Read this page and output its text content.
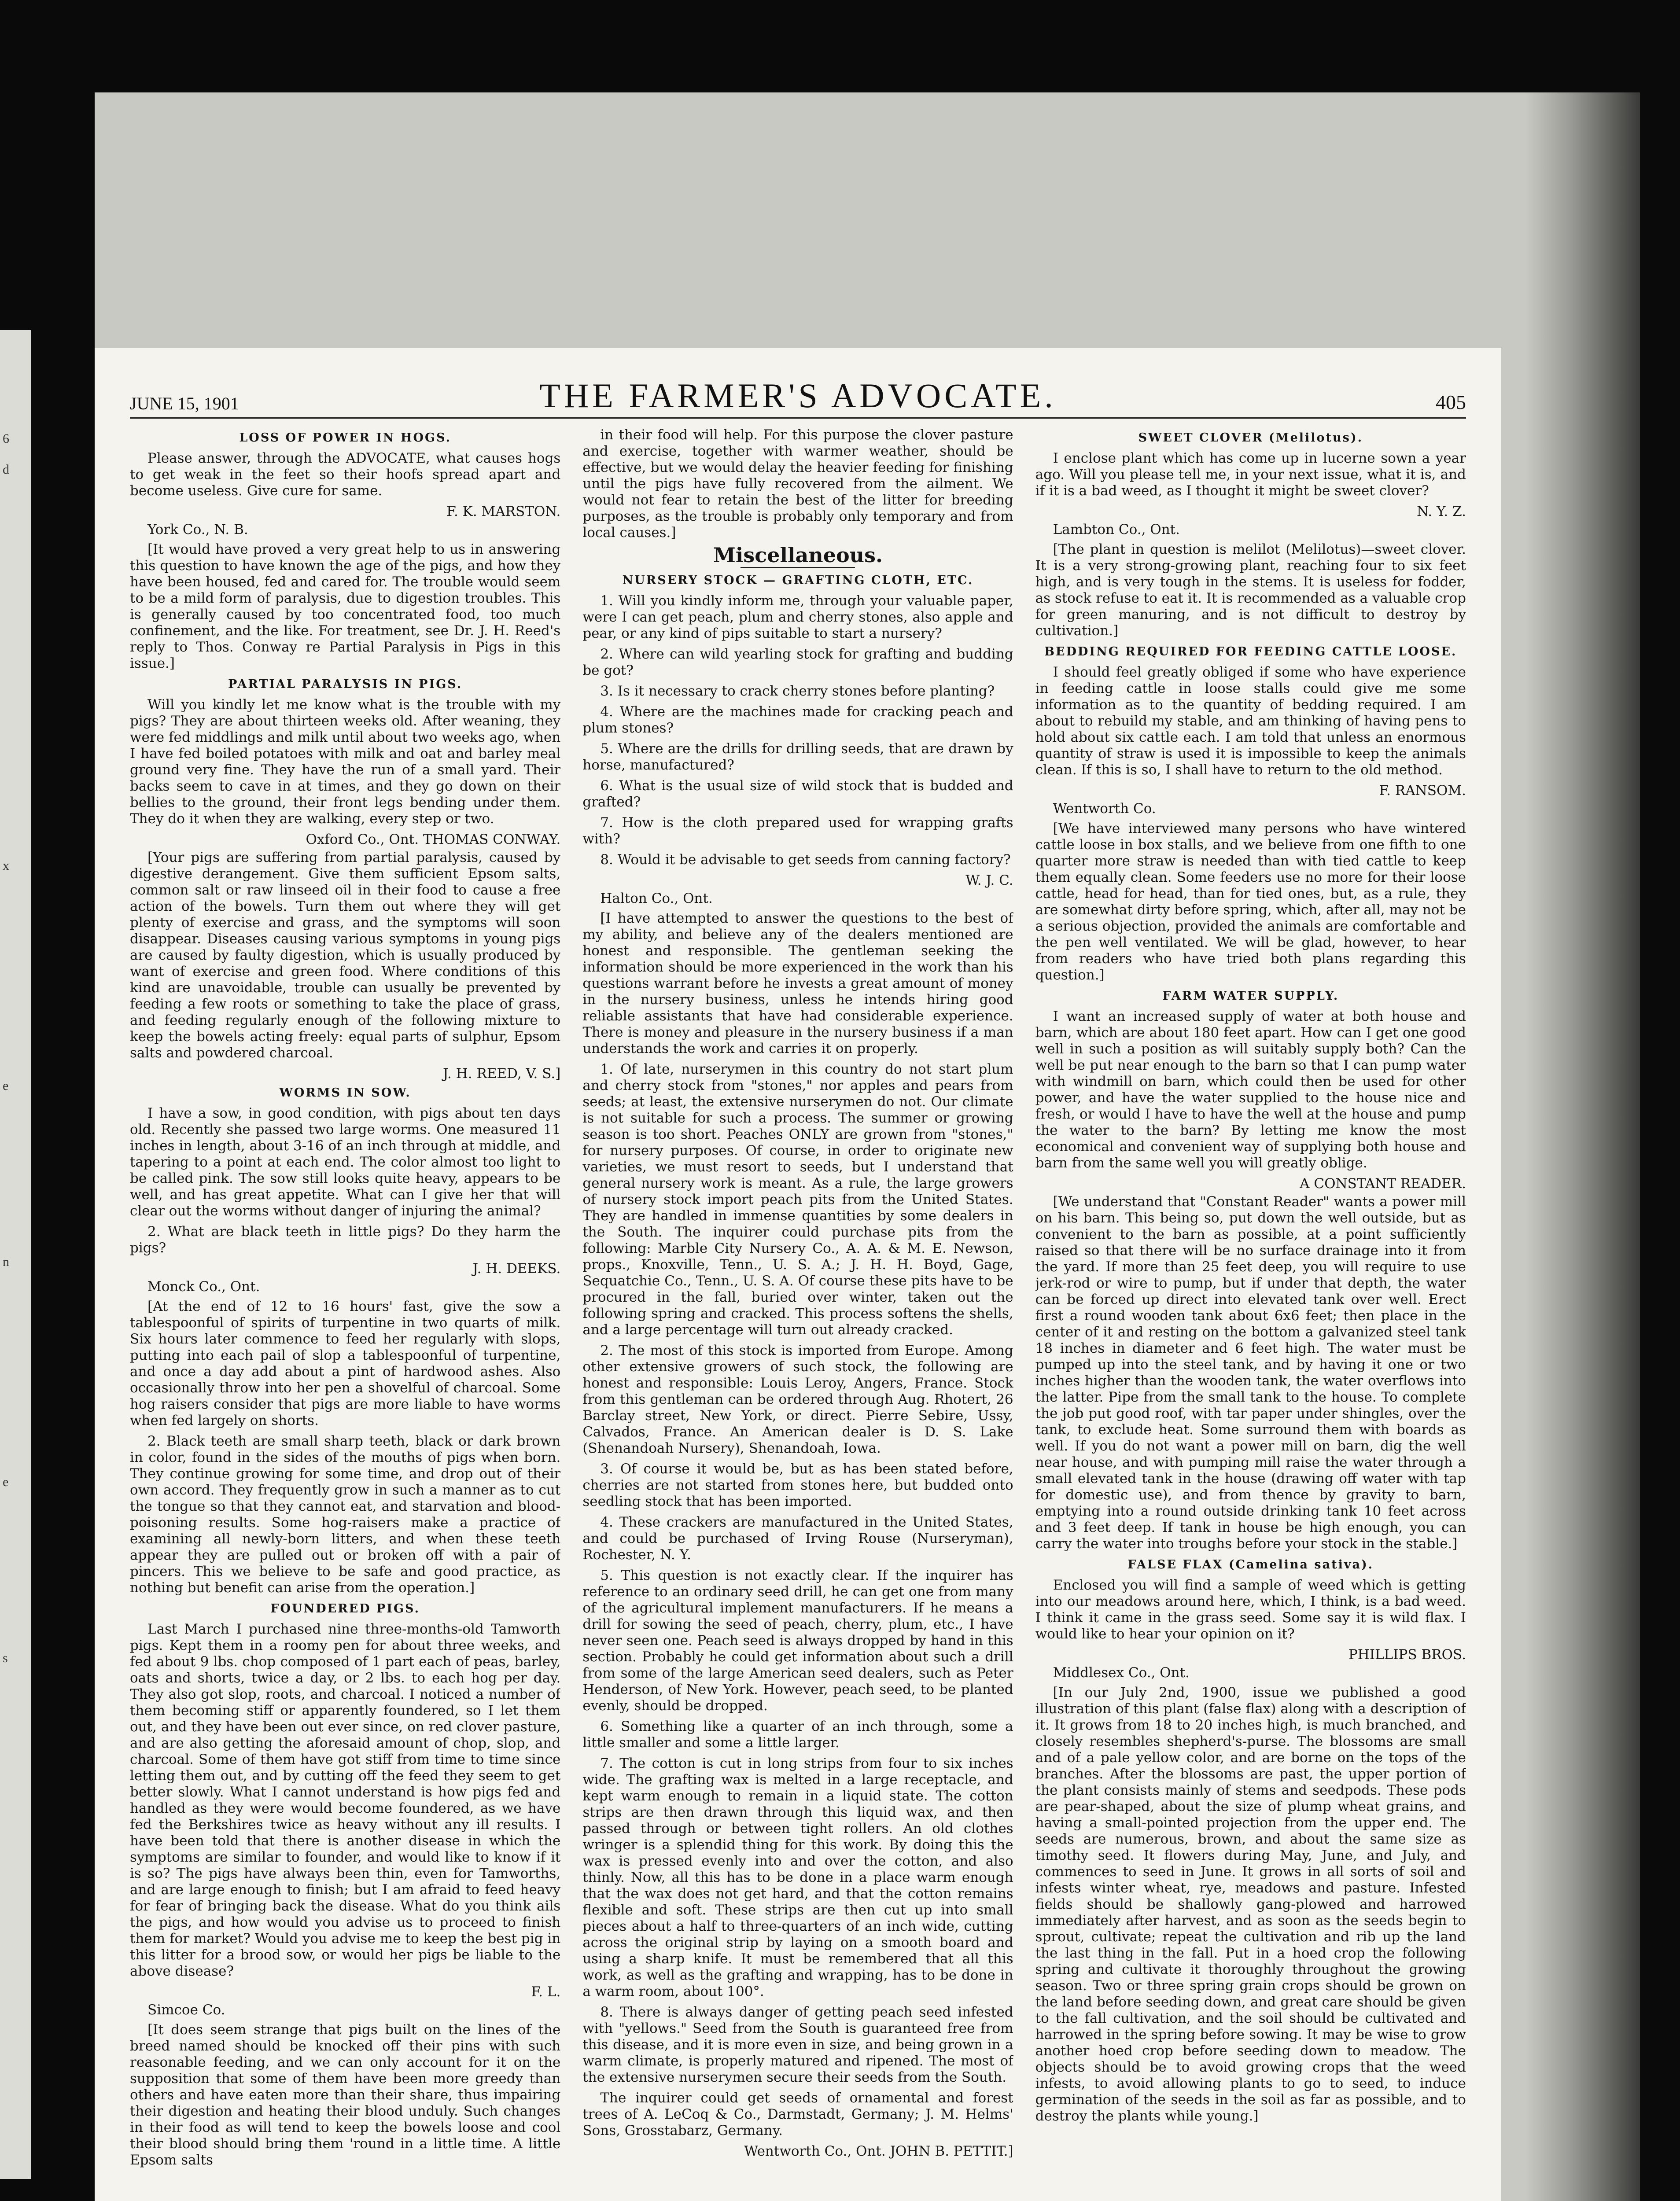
6
d
x
e
n
e
s
JUNE 15, 1901	THE FARMER'S ADVOCATE.	405
LOSS OF POWER IN HOGS.

Please answer, through the ADVOCATE, what causes hogs to get weak in the feet so their hoofs spread apart and become useless. Give cure for same.

F. K. MARSTON.

York Co., N. B.

[It would have proved a very great help to us in answering this question to have known the age of the pigs, and how they have been housed, fed and cared for. The trouble would seem to be a mild form of paralysis, due to digestion troubles. This is generally caused by too concentrated food, too much confinement, and the like. For treatment, see Dr. J. H. Reed's reply to Thos. Conway re Partial Paralysis in Pigs in this issue.]

PARTIAL PARALYSIS IN PIGS.

Will you kindly let me know what is the trouble with my pigs? They are about thirteen weeks old. After weaning, they were fed middlings and milk until about two weeks ago, when I have fed boiled potatoes with milk and oat and barley meal ground very fine. They have the run of a small yard. Their backs seem to cave in at times, and they go down on their bellies to the ground, their front legs bending under them. They do it when they are walking, every step or two.

Oxford Co., Ont. THOMAS CONWAY.

[Your pigs are suffering from partial paralysis, caused by digestive derangement. Give them sufficient Epsom salts, common salt or raw linseed oil in their food to cause a free action of the bowels. Turn them out where they will get plenty of exercise and grass, and the symptoms will soon disappear. Diseases causing various symptoms in young pigs are caused by faulty digestion, which is usually produced by want of exercise and green food. Where conditions of this kind are unavoidable, trouble can usually be prevented by feeding a few roots or something to take the place of grass, and feeding regularly enough of the following mixture to keep the bowels acting freely: equal parts of sulphur, Epsom salts and powdered charcoal.

J. H. REED, V. S.]

WORMS IN SOW.

I have a sow, in good condition, with pigs about ten days old. Recently she passed two large worms. One measured 11 inches in length, about 3-16 of an inch through at middle, and tapering to a point at each end. The color almost too light to be called pink. The sow still looks quite heavy, appears to be well, and has great appetite. What can I give her that will clear out the worms without danger of injuring the animal?

2. What are black teeth in little pigs? Do they harm the pigs?

J. H. DEEKS.

Monck Co., Ont.

[At the end of 12 to 16 hours' fast, give the sow a tablespoonful of spirits of turpentine in two quarts of milk. Six hours later commence to feed her regularly with slops, putting into each pail of slop a tablespoonful of turpentine, and once a day add about a pint of hardwood ashes. Also occasionally throw into her pen a shovelful of charcoal. Some hog raisers consider that pigs are more liable to have worms when fed largely on shorts.

2. Black teeth are small sharp teeth, black or dark brown in color, found in the sides of the mouths of pigs when born. They continue growing for some time, and drop out of their own accord. They frequently grow in such a manner as to cut the tongue so that they cannot eat, and starvation and blood-poisoning results. Some hog-raisers make a practice of examining all newly-born litters, and when these teeth appear they are pulled out or broken off with a pair of pincers. This we believe to be safe and good practice, as nothing but benefit can arise from the operation.]

FOUNDERED PIGS.

Last March I purchased nine three-months-old Tamworth pigs. Kept them in a roomy pen for about three weeks, and fed about 9 lbs. chop composed of 1 part each of peas, barley, oats and shorts, twice a day, or 2 lbs. to each hog per day. They also got slop, roots, and charcoal. I noticed a number of them becoming stiff or apparently foundered, so I let them out, and they have been out ever since, on red clover pasture, and are also getting the aforesaid amount of chop, slop, and charcoal. Some of them have got stiff from time to time since letting them out, and by cutting off the feed they seem to get better slowly. What I cannot understand is how pigs fed and handled as they were would become foundered, as we have fed the Berkshires twice as heavy without any ill results. I have been told that there is another disease in which the symptoms are similar to founder, and would like to know if it is so? The pigs have always been thin, even for Tamworths, and are large enough to finish; but I am afraid to feed heavy for fear of bringing back the disease. What do you think ails the pigs, and how would you advise us to proceed to finish them for market? Would you advise me to keep the best pig in this litter for a brood sow, or would her pigs be liable to the above disease?

F. L.

Simcoe Co.

[It does seem strange that pigs built on the lines of the breed named should be knocked off their pins with such reasonable feeding, and we can only account for it on the supposition that some of them have been more greedy than others and have eaten more than their share, thus impairing their digestion and heating their blood unduly. Such changes in their food as will tend to keep the bowels loose and cool their blood should bring them 'round in a little time. A little Epsom salts

in their food will help. For this purpose the clover pasture and exercise, together with warmer weather, should be effective, but we would delay the heavier feeding for finishing until the pigs have fully recovered from the ailment. We would not fear to retain the best of the litter for breeding purposes, as the trouble is probably only temporary and from local causes.]

Miscellaneous.
NURSERY STOCK — GRAFTING CLOTH, ETC.

1. Will you kindly inform me, through your valuable paper, were I can get peach, plum and cherry stones, also apple and pear, or any kind of pips suitable to start a nursery?

2. Where can wild yearling stock for grafting and budding be got?

3. Is it necessary to crack cherry stones before planting?

4. Where are the machines made for cracking peach and plum stones?

5. Where are the drills for drilling seeds, that are drawn by horse, manufactured?

6. What is the usual size of wild stock that is budded and grafted?

7. How is the cloth prepared used for wrapping grafts with?

8. Would it be advisable to get seeds from canning factory?

W. J. C.

Halton Co., Ont.

[I have attempted to answer the questions to the best of my ability, and believe any of the dealers mentioned are honest and responsible. The gentleman seeking the information should be more experienced in the work than his questions warrant before he invests a great amount of money in the nursery business, unless he intends hiring good reliable assistants that have had considerable experience. There is money and pleasure in the nursery business if a man understands the work and carries it on properly.

1. Of late, nurserymen in this country do not start plum and cherry stock from "stones," nor apples and pears from seeds; at least, the extensive nurserymen do not. Our climate is not suitable for such a process. The summer or growing season is too short. Peaches ONLY are grown from "stones," for nursery purposes. Of course, in order to originate new varieties, we must resort to seeds, but I understand that general nursery work is meant. As a rule, the large growers of nursery stock import peach pits from the United States. They are handled in immense quantities by some dealers in the South. The inquirer could purchase pits from the following: Marble City Nursery Co., A. A. & M. E. Newson, props., Knoxville, Tenn., U. S. A.; J. H. H. Boyd, Gage, Sequatchie Co., Tenn., U. S. A. Of course these pits have to be procured in the fall, buried over winter, taken out the following spring and cracked. This process softens the shells, and a large percentage will turn out already cracked.

2. The most of this stock is imported from Europe. Among other extensive growers of such stock, the following are honest and responsible: Louis Leroy, Angers, France. Stock from this gentleman can be ordered through Aug. Rhotert, 26 Barclay street, New York, or direct. Pierre Sebire, Ussy, Calvados, France. An American dealer is D. S. Lake (Shenandoah Nursery), Shenandoah, Iowa.

3. Of course it would be, but as has been stated before, cherries are not started from stones here, but budded onto seedling stock that has been imported.

4. These crackers are manufactured in the United States, and could be purchased of Irving Rouse (Nurseryman), Rochester, N. Y.

5. This question is not exactly clear. If the inquirer has reference to an ordinary seed drill, he can get one from many of the agricultural implement manufacturers. If he means a drill for sowing the seed of peach, cherry, plum, etc., I have never seen one. Peach seed is always dropped by hand in this section. Probably he could get information about such a drill from some of the large American seed dealers, such as Peter Henderson, of New York. However, peach seed, to be planted evenly, should be dropped.

6. Something like a quarter of an inch through, some a little smaller and some a little larger.

7. The cotton is cut in long strips from four to six inches wide. The grafting wax is melted in a large receptacle, and kept warm enough to remain in a liquid state. The cotton strips are then drawn through this liquid wax, and then passed through or between tight rollers. An old clothes wringer is a splendid thing for this work. By doing this the wax is pressed evenly into and over the cotton, and also thinly. Now, all this has to be done in a place warm enough that the wax does not get hard, and that the cotton remains flexible and soft. These strips are then cut up into small pieces about a half to three-quarters of an inch wide, cutting across the original strip by laying on a smooth board and using a sharp knife. It must be remembered that all this work, as well as the grafting and wrapping, has to be done in a warm room, about 100°.

8. There is always danger of getting peach seed infested with "yellows." Seed from the South is guaranteed free from this disease, and it is more even in size, and being grown in a warm climate, is properly matured and ripened. The most of the extensive nurserymen secure their seeds from the South.

The inquirer could get seeds of ornamental and forest trees of A. LeCoq & Co., Darmstadt, Germany; J. M. Helms' Sons, Grosstabarz, Germany.

Wentworth Co., Ont. JOHN B. PETTIT.]

SWEET CLOVER (Melilotus).

I enclose plant which has come up in lucerne sown a year ago. Will you please tell me, in your next issue, what it is, and if it is a bad weed, as I thought it might be sweet clover?

N. Y. Z.

Lambton Co., Ont.

[The plant in question is melilot (Melilotus)—sweet clover. It is a very strong-growing plant, reaching four to six feet high, and is very tough in the stems. It is useless for fodder, as stock refuse to eat it. It is recommended as a valuable crop for green manuring, and is not difficult to destroy by cultivation.]

BEDDING REQUIRED FOR FEEDING CATTLE LOOSE.

I should feel greatly obliged if some who have experience in feeding cattle in loose stalls could give me some information as to the quantity of bedding required. I am about to rebuild my stable, and am thinking of having pens to hold about six cattle each. I am told that unless an enormous quantity of straw is used it is impossible to keep the animals clean. If this is so, I shall have to return to the old method.

F. RANSOM.

Wentworth Co.

[We have interviewed many persons who have wintered cattle loose in box stalls, and we believe from one fifth to one quarter more straw is needed than with tied cattle to keep them equally clean. Some feeders use no more for their loose cattle, head for head, than for tied ones, but, as a rule, they are somewhat dirty before spring, which, after all, may not be a serious objection, provided the animals are comfortable and the pen well ventilated. We will be glad, however, to hear from readers who have tried both plans regarding this question.]

FARM WATER SUPPLY.

I want an increased supply of water at both house and barn, which are about 180 feet apart. How can I get one good well in such a position as will suitably supply both? Can the well be put near enough to the barn so that I can pump water with windmill on barn, which could then be used for other power, and have the water supplied to the house nice and fresh, or would I have to have the well at the house and pump the water to the barn? By letting me know the most economical and convenient way of supplying both house and barn from the same well you will greatly oblige.

A CONSTANT READER.

[We understand that "Constant Reader" wants a power mill on his barn. This being so, put down the well outside, but as convenient to the barn as possible, at a point sufficiently raised so that there will be no surface drainage into it from the yard. If more than 25 feet deep, you will require to use jerk-rod or wire to pump, but if under that depth, the water can be forced up direct into elevated tank over well. Erect first a round wooden tank about 6x6 feet; then place in the center of it and resting on the bottom a galvanized steel tank 18 inches in diameter and 6 feet high. The water must be pumped up into the steel tank, and by having it one or two inches higher than the wooden tank, the water overflows into the latter. Pipe from the small tank to the house. To complete the job put good roof, with tar paper under shingles, over the tank, to exclude heat. Some surround them with boards as well. If you do not want a power mill on barn, dig the well near house, and with pumping mill raise the water through a small elevated tank in the house (drawing off water with tap for domestic use), and from thence by gravity to barn, emptying into a round outside drinking tank 10 feet across and 3 feet deep. If tank in house be high enough, you can carry the water into troughs before your stock in the stable.]

FALSE FLAX (Camelina sativa).

Enclosed you will find a sample of weed which is getting into our meadows around here, which, I think, is a bad weed. I think it came in the grass seed. Some say it is wild flax. I would like to hear your opinion on it?

PHILLIPS BROS.

Middlesex Co., Ont.

[In our July 2nd, 1900, issue we published a good illustration of this plant (false flax) along with a description of it. It grows from 18 to 20 inches high, is much branched, and closely resembles shepherd's-purse. The blossoms are small and of a pale yellow color, and are borne on the tops of the branches. After the blossoms are past, the upper portion of the plant consists mainly of stems and seedpods. These pods are pear-shaped, about the size of plump wheat grains, and having a small-pointed projection from the upper end. The seeds are numerous, brown, and about the same size as timothy seed. It flowers during May, June, and July, and commences to seed in June. It grows in all sorts of soil and infests winter wheat, rye, meadows and pasture. Infested fields should be shallowly gang-plowed and harrowed immediately after harvest, and as soon as the seeds begin to sprout, cultivate; repeat the cultivation and rib up the land the last thing in the fall. Put in a hoed crop the following spring and cultivate it thoroughly throughout the growing season. Two or three spring grain crops should be grown on the land before seeding down, and great care should be given to the fall cultivation, and the soil should be cultivated and harrowed in the spring before sowing. It may be wise to grow another hoed crop before seeding down to meadow. The objects should be to avoid growing crops that the weed infests, to avoid allowing plants to go to seed, to induce germination of the seeds in the soil as far as possible, and to destroy the plants while young.]
